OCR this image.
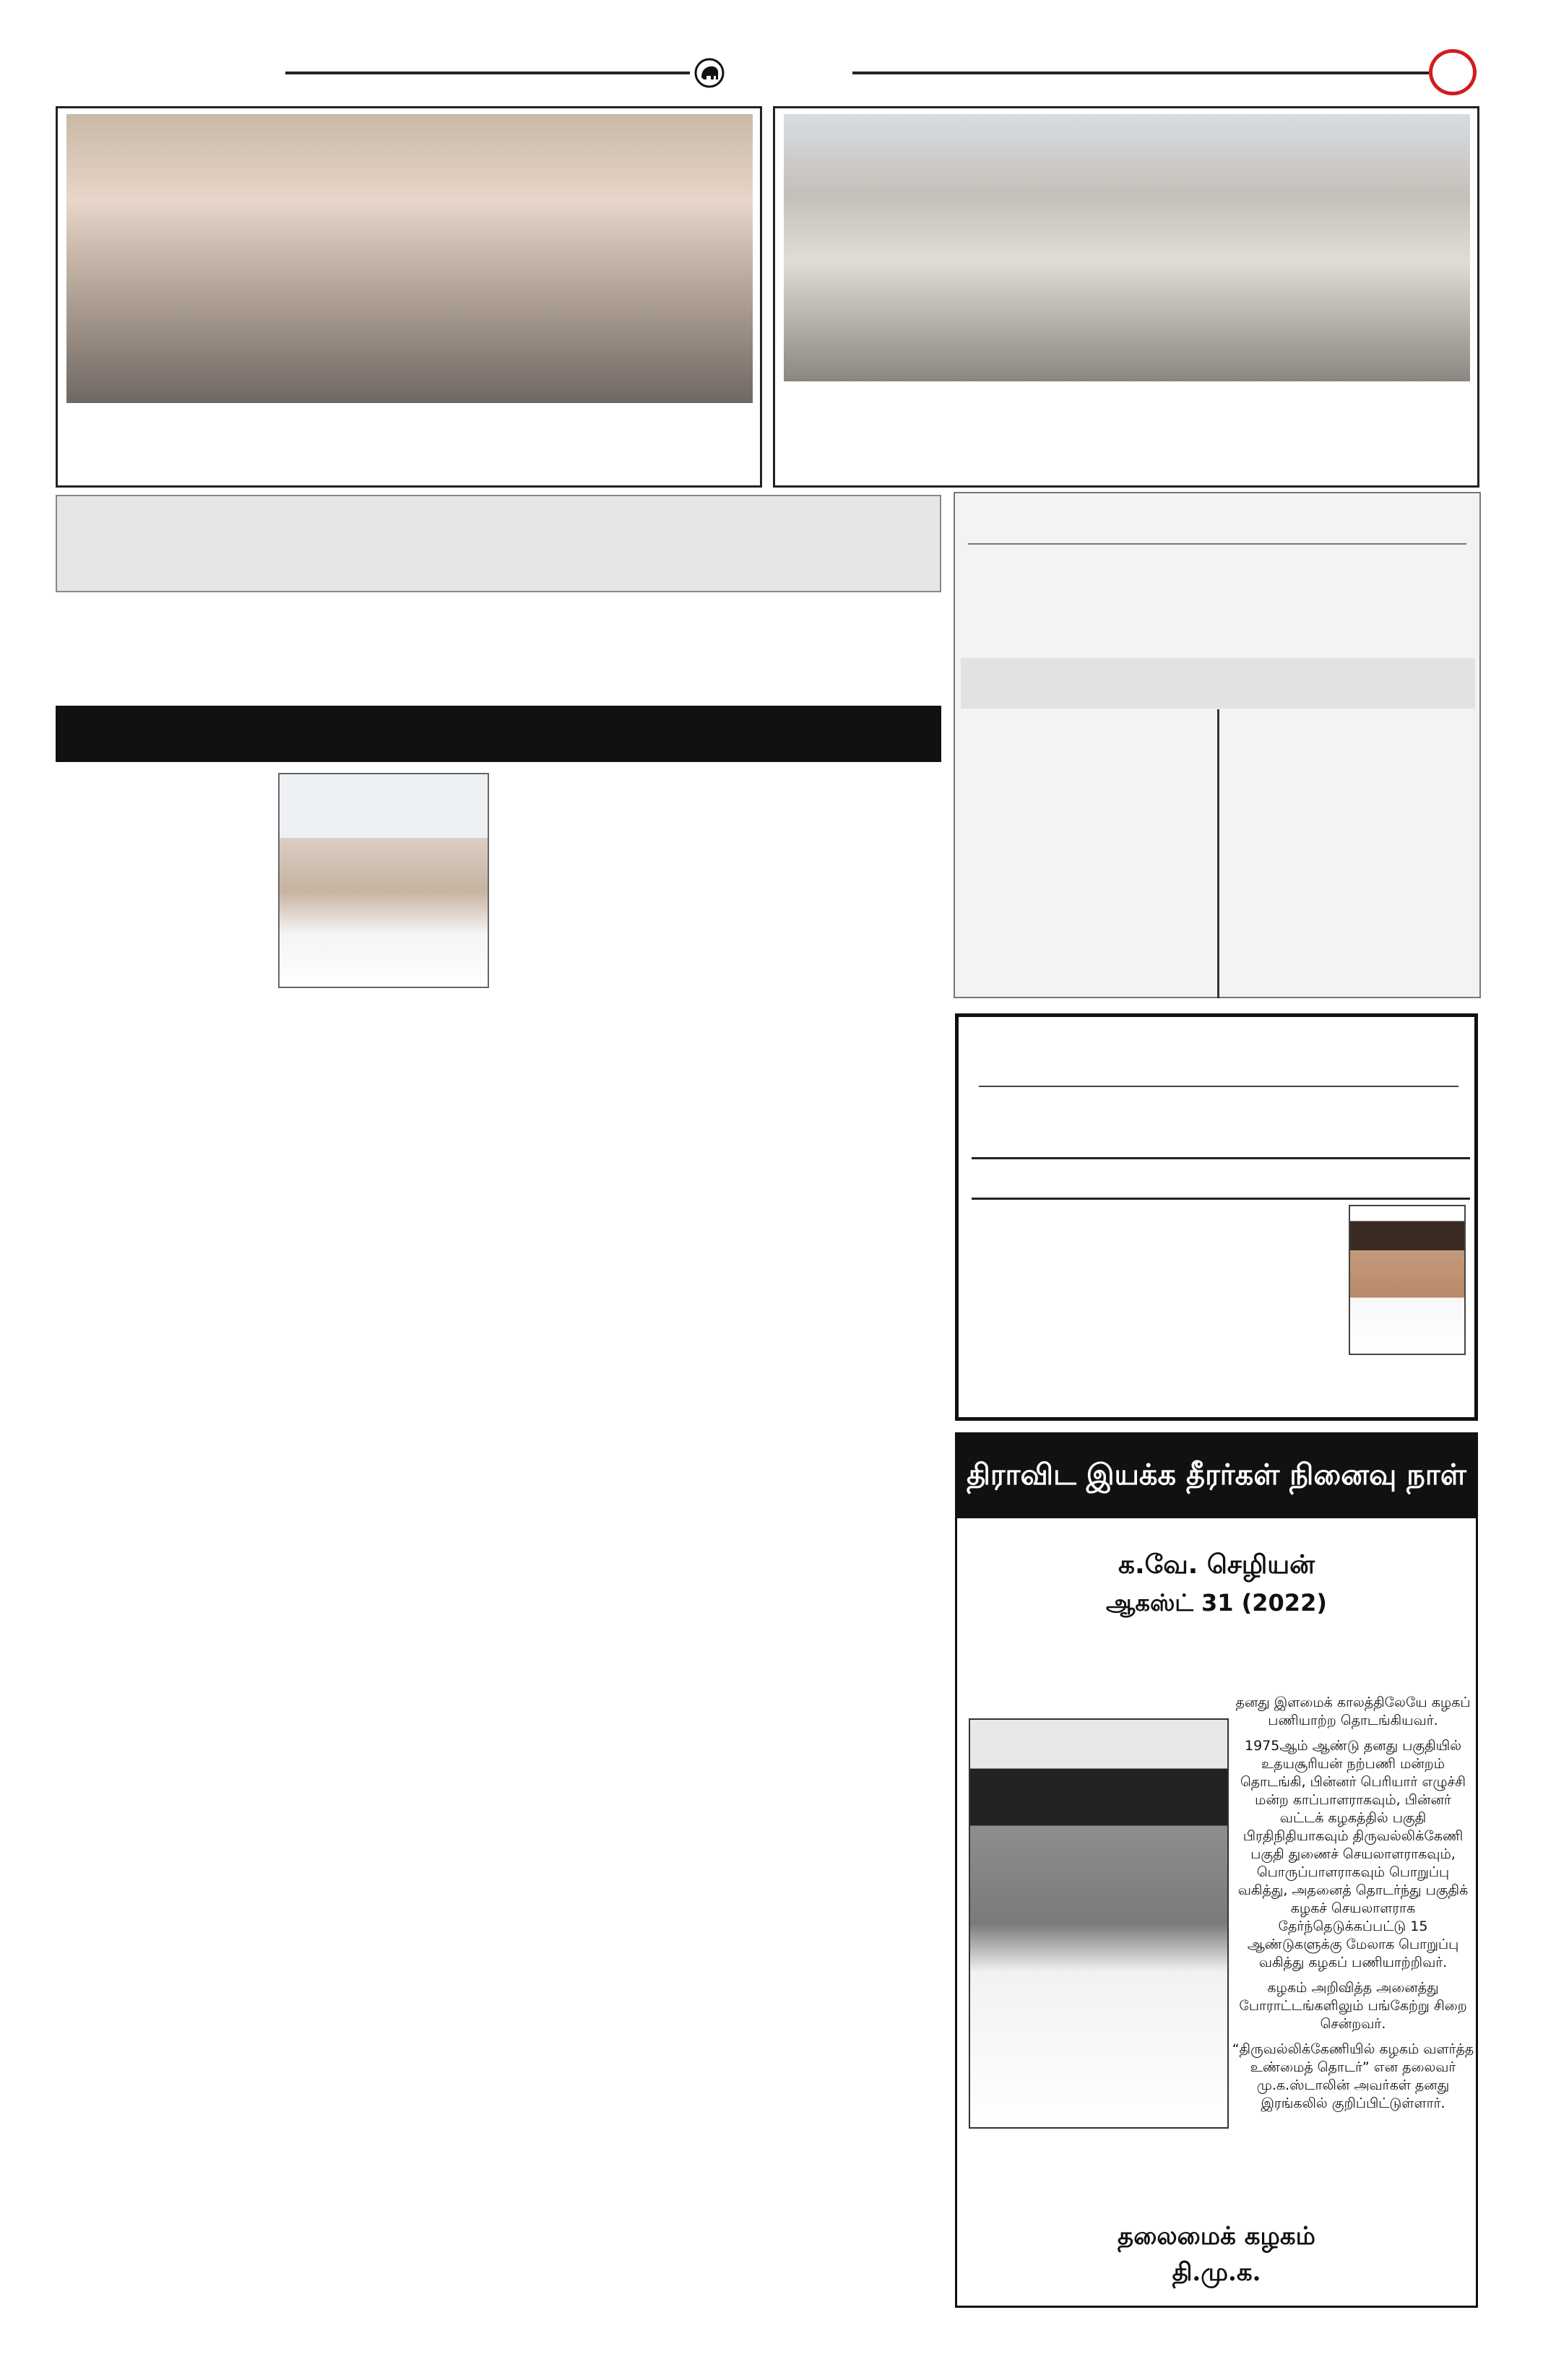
திராவிட இயக்க தீரர்கள் நினைவு நாள்
க.வே. செழியன்
ஆகஸ்ட் 31 (2022)

தனது இளமைக் காலத்திலேயே கழகப் பணியாற்ற தொடங்கியவர்.

1975ஆம் ஆண்டு தனது பகுதியில் உதயசூரியன் நற்பணி மன்றம் தொடங்கி, பின்னர் பெரியார் எழுச்சி மன்ற காப்பாளராகவும், பின்னர் வட்டக் கழகத்தில் பகுதி பிரதிநிதியாகவும் திருவல்லிக்கேணி பகுதி துணைச் செயலாளராகவும், பொருப்பாளராகவும் பொறுப்பு வகித்து, அதனைத் தொடர்ந்து பகுதிக் கழகச் செயலாளராக தேர்ந்தெடுக்கப்பட்டு 15 ஆண்டுகளுக்கு மேலாக பொறுப்பு வகித்து கழகப் பணியாற்றிவர்.

கழகம் அறிவித்த அனைத்து போராட்டங்களிலும் பங்கேற்று சிறை சென்றவர்.

“திருவல்லிக்கேணியில் கழகம் வளர்த்த உண்மைத் தொடர்” என தலைவர் மு.க.ஸ்டாலின் அவர்கள் தனது இரங்கலில் குறிப்பிட்டுள்ளார்.

தலைமைக் கழகம்
தி.மு.க.
